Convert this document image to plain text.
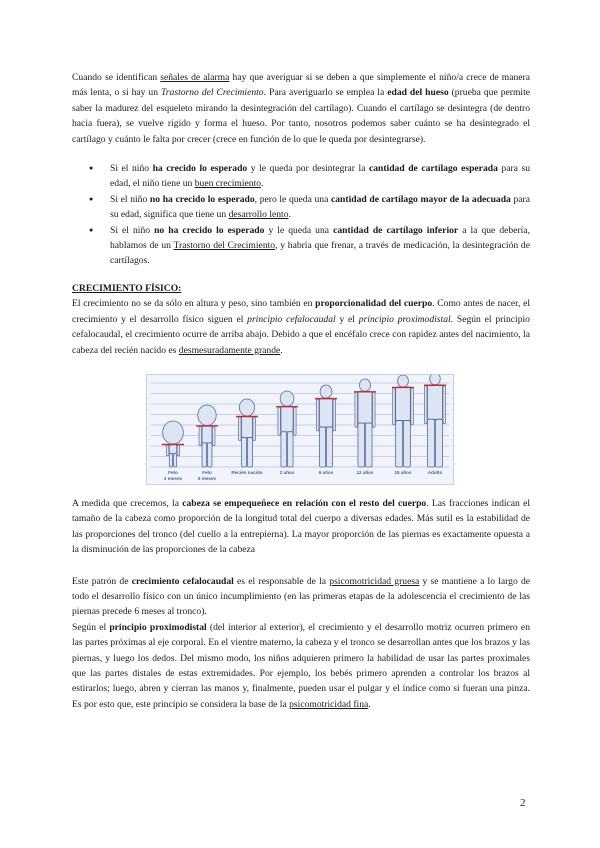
Cuando se identifican señales de alarma hay que averiguar si se deben a que simplemente el niño/a crece de manera más lenta, o si hay un Trastorno del Crecimiento. Para averiguarlo se emplea la edad del hueso (prueba que permite saber la madurez del esqueleto mirando la desintegración del cartílago). Cuando el cartílago se desintegra (de dentro hacia fuera), se vuelve rígido y forma el hueso. Por tanto, nosotros podemos saber cuánto se ha desintegrado el cartílago y cuánto le falta por crecer (crece en función de lo que le queda por desintegrarse).

● Si el niño ha crecido lo esperado y le queda por desintegrar la cantidad de cartílago esperada para su edad, el niño tiene un buen crecimiento.
● Si el niño no ha crecido lo esperado, pero le queda una cantidad de cartílago mayor de la adecuada para su edad, significa que tiene un desarrollo lento.
● Si el niño no ha crecido lo esperado y le queda una cantidad de cartílago inferior a la que debería, hablamos de un Trastorno del Crecimiento, y habría que frenar, a través de medicación, la desintegración de cartílagos.

CRECIMIENTO FÍSICO:

El crecimiento no se da sólo en altura y peso, sino también en proporcionalidad del cuerpo. Como antes de nacer, el crecimiento y el desarrollo físico siguen el principio cefalocaudal y el principio proximodistal. Según el principio cefalocaudal, el crecimiento ocurre de arriba abajo. Debido a que el encéfalo crece con rapidez antes del nacimiento, la cabeza del recién nacido es desmesuradamente grande.

Feto
2 meses
Feto
5 meses
Recién nacido	2 años	6 años	12 años	15 años	Adulto

A medida que crecemos, la cabeza se empequeñece en relación con el resto del cuerpo. Las fracciones indican el tamaño de la cabeza como proporción de la longitud total del cuerpo a diversas edades. Más sutil es la estabilidad de las proporciones del tronco (del cuello a la entrepierna). La mayor proporción de las piernas es exactamente opuesta a la disminución de las proporciones de la cabeza

Este patrón de crecimiento cefalocaudal es el responsable de la psicomotricidad gruesa y se mantiene a lo largo de todo el desarrollo físico con un único incumplimiento (en las primeras etapas de la adolescencia el crecimiento de las piernas precede 6 meses al tronco).

Según el principio proximodistal (del interior al exterior), el crecimiento y el desarrollo motriz ocurren primero en las partes próximas al eje corporal. En el vientre materno, la cabeza y el tronco se desarrollan antes que los brazos y las piernas, y luego los dedos. Del mismo modo, los niños adquieren primero la habilidad de usar las partes proximales que las partes distales de estas extremidades. Por ejemplo, los bebés primero aprenden a controlar los brazos al estirarlos; luego, abren y cierran las manos y, finalmente, pueden usar el pulgar y el índice como si fueran una pinza. Es por esto que, este principio se considera la base de la psicomotricidad fina.

2
